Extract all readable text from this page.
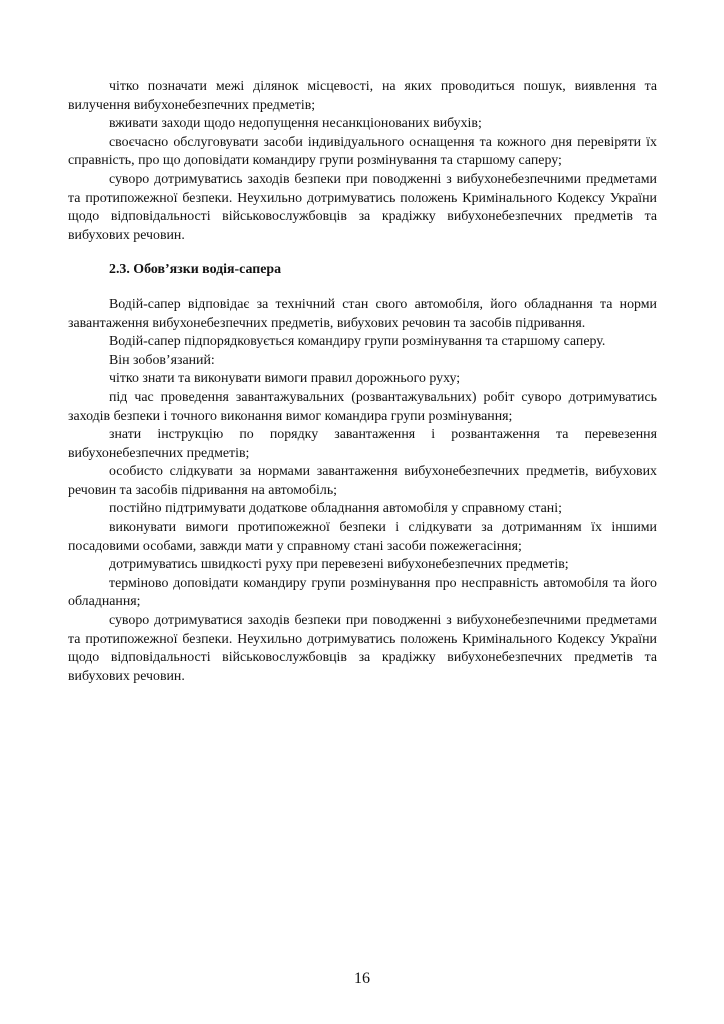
чітко позначати межі ділянок місцевості, на яких проводиться пошук, виявлення та вилучення вибухонебезпечних предметів;

вживати заходи щодо недопущення несанкціонованих вибухів;

своєчасно обслуговувати засоби індивідуального оснащення та кожного дня перевіряти їх справність, про що доповідати командиру групи розмінування та старшому саперу;

суворо дотримуватись заходів безпеки при поводженні з вибухонебезпечними предметами та протипожежної безпеки. Неухильно дотримуватись положень Кримінального Кодексу України щодо відповідальності військовослужбовців за крадіжку вибухонебезпечних предметів та вибухових речовин.

2.3. Обов’язки водія-сапера

Водій-сапер відповідає за технічний стан свого автомобіля, його обладнання та норми завантаження вибухонебезпечних предметів, вибухових речовин та засобів підривання.

Водій-сапер підпорядковується командиру групи розмінування та старшому саперу.

Він зобов’язаний:

чітко знати та виконувати вимоги правил дорожнього руху;

під час проведення завантажувальних (розвантажувальних) робіт суворо дотримуватись заходів безпеки і точного виконання вимог командира групи розмінування;

знати інструкцію по порядку завантаження і розвантаження та перевезення вибухонебезпечних предметів;

особисто слідкувати за нормами завантаження вибухонебезпечних предметів, вибухових речовин та засобів підривання на автомобіль;

постійно підтримувати додаткове обладнання автомобіля у справному стані;

виконувати вимоги протипожежної безпеки і слідкувати за дотриманням їх іншими посадовими особами, завжди мати у справному стані засоби пожежегасіння;

дотримуватись швидкості руху при перевезені вибухонебезпечних предметів;

терміново доповідати командиру групи розмінування про несправність автомобіля та його обладнання;

суворо дотримуватися заходів безпеки при поводженні з вибухонебезпечними предметами та протипожежної безпеки. Неухильно дотримуватись положень Кримінального Кодексу України щодо відповідальності військовослужбовців за крадіжку вибухонебезпечних предметів та вибухових речовин.

16
